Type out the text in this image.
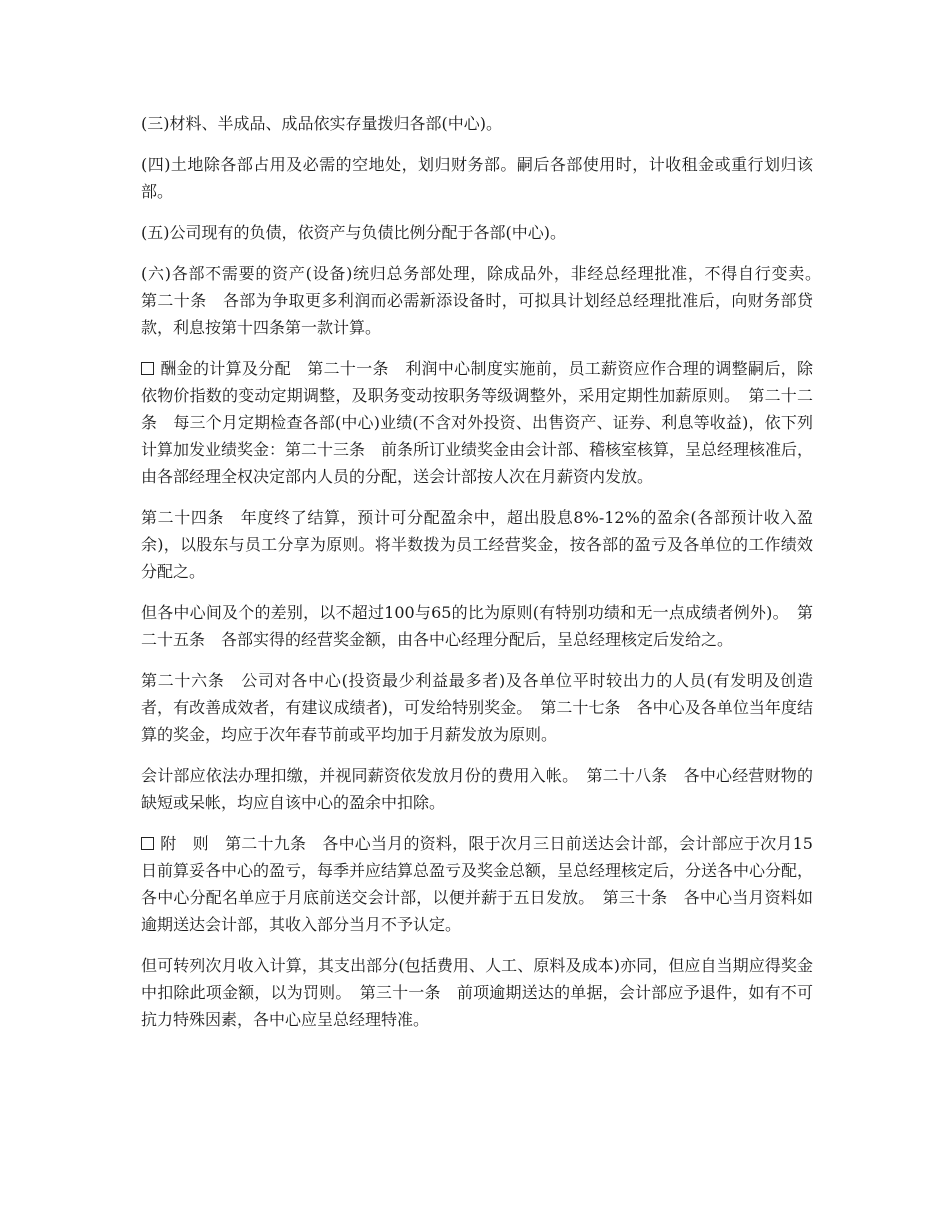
(三)材料、半成品、成品依实存量拨归各部(中心)。

(四)土地除各部占用及必需的空地处，划归财务部。嗣后各部使用时，计收租金或重行划归该部。

(五)公司现有的负债，依资产与负债比例分配于各部(中心)。

(六)各部不需要的资产(设备)统归总务部处理，除成品外，非经总经理批准，不得自行变卖。　　第二十条　各部为争取更多利润而必需新添设备时，可拟具计划经总经理批准后，向财务部贷款，利息按第十四条第一款计算。

酬金的计算及分配　第二十一条　利润中心制度实施前，员工薪资应作合理的调整嗣后，除依物价指数的变动定期调整，及职务变动按职务等级调整外，采用定期性加薪原则。　第二十二条　每三个月定期检查各部(中心)业绩(不含对外投资、出售资产、证券、利息等收益)，依下列计算加发业绩奖金：第二十三条　前条所订业绩奖金由会计部、稽核室核算，呈总经理核准后，由各部经理全权决定部内人员的分配，送会计部按人次在月薪资内发放。

第二十四条　年度终了结算，预计可分配盈余中，超出股息8%-12%的盈余(各部预计收入盈余)，以股东与员工分享为原则。将半数拨为员工经营奖金，按各部的盈亏及各单位的工作绩效分配之。

但各中心间及个的差别，以不超过100与65的比为原则(有特别功绩和无一点成绩者例外)。　第二十五条　各部实得的经营奖金额，由各中心经理分配后，呈总经理核定后发给之。

第二十六条　公司对各中心(投资最少利益最多者)及各单位平时较出力的人员(有发明及创造者，有改善成效者，有建议成绩者)，可发给特别奖金。　第二十七条　各中心及各单位当年度结算的奖金，均应于次年春节前或平均加于月薪发放为原则。

会计部应依法办理扣缴，并视同薪资依发放月份的费用入帐。　第二十八条　各中心经营财物的缺短或呆帐，均应自该中心的盈余中扣除。

附　则　第二十九条　各中心当月的资料，限于次月三日前送达会计部，会计部应于次月15日前算妥各中心的盈亏，每季并应结算总盈亏及奖金总额，呈总经理核定后，分送各中心分配，各中心分配名单应于月底前送交会计部，以便并薪于五日发放。　第三十条　各中心当月资料如逾期送达会计部，其收入部分当月不予认定。

但可转列次月收入计算，其支出部分(包括费用、人工、原料及成本)亦同，但应自当期应得奖金中扣除此项金额，以为罚则。　第三十一条　前项逾期送达的单据，会计部应予退件，如有不可抗力特殊因素，各中心应呈总经理特准。
